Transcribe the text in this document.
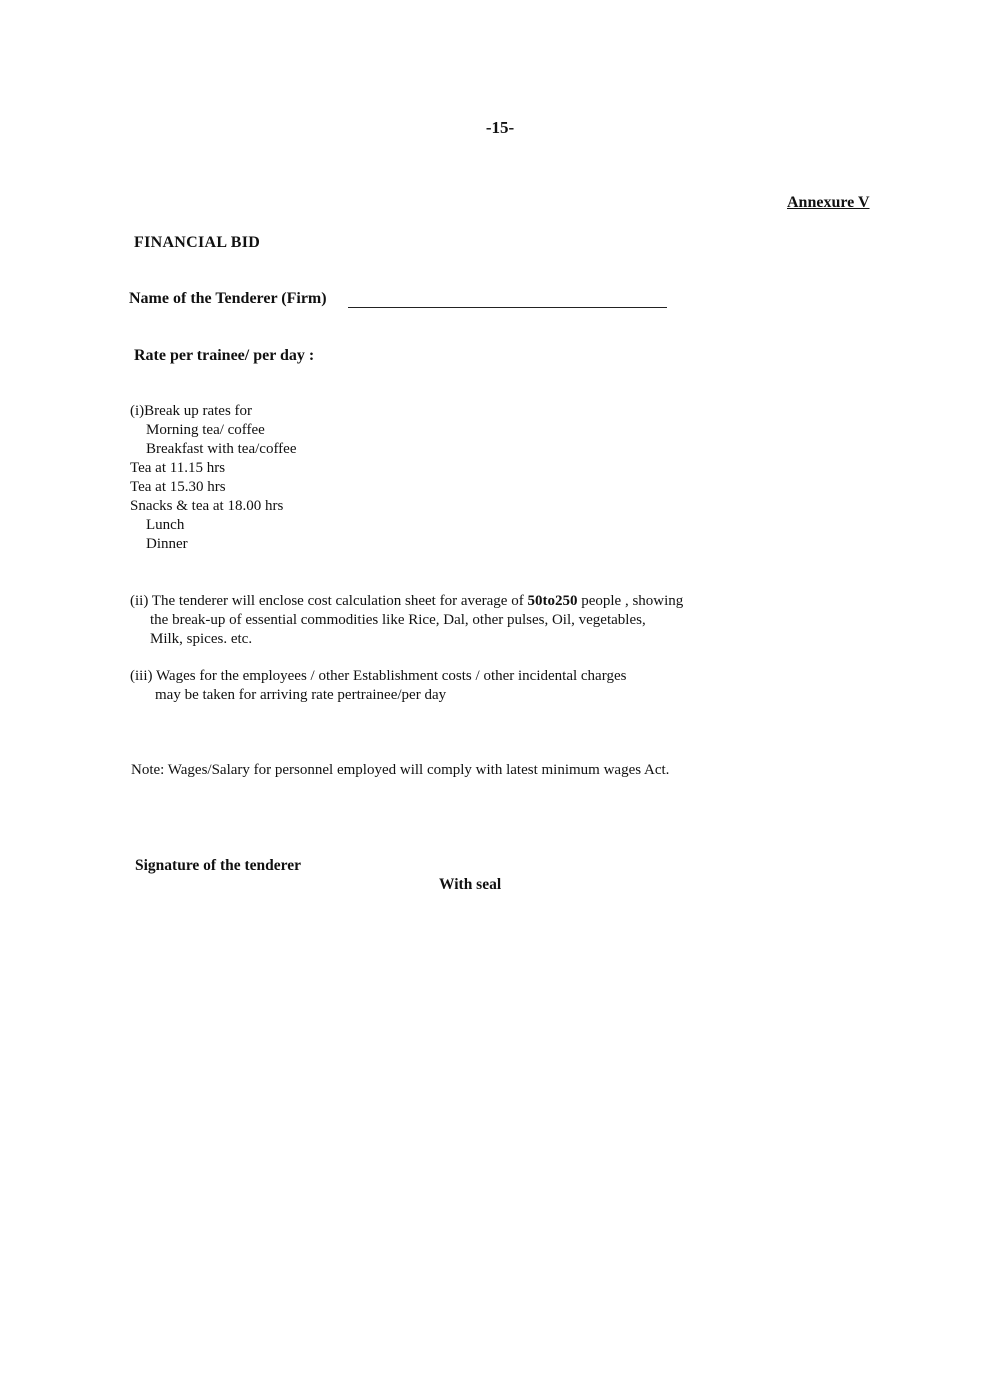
-15-
Annexure V
FINANCIAL BID
Name of the Tenderer (Firm)
Rate per trainee/ per day :
(i)Break up rates for
Morning tea/ coffee
Breakfast with tea/coffee
Tea at 11.15 hrs
Tea at 15.30 hrs
Snacks & tea at 18.00 hrs
Lunch
Dinner
(ii) The tenderer will enclose cost calculation sheet for average of 50to250 people , showing
the break-up of essential commodities like Rice, Dal, other pulses, Oil, vegetables,
Milk, spices. etc.
(iii) Wages for the employees / other Establishment costs / other incidental charges
may be taken for arriving rate pertrainee/per day
Note: Wages/Salary for personnel employed will comply with latest minimum wages Act.
Signature of the tenderer
With seal
